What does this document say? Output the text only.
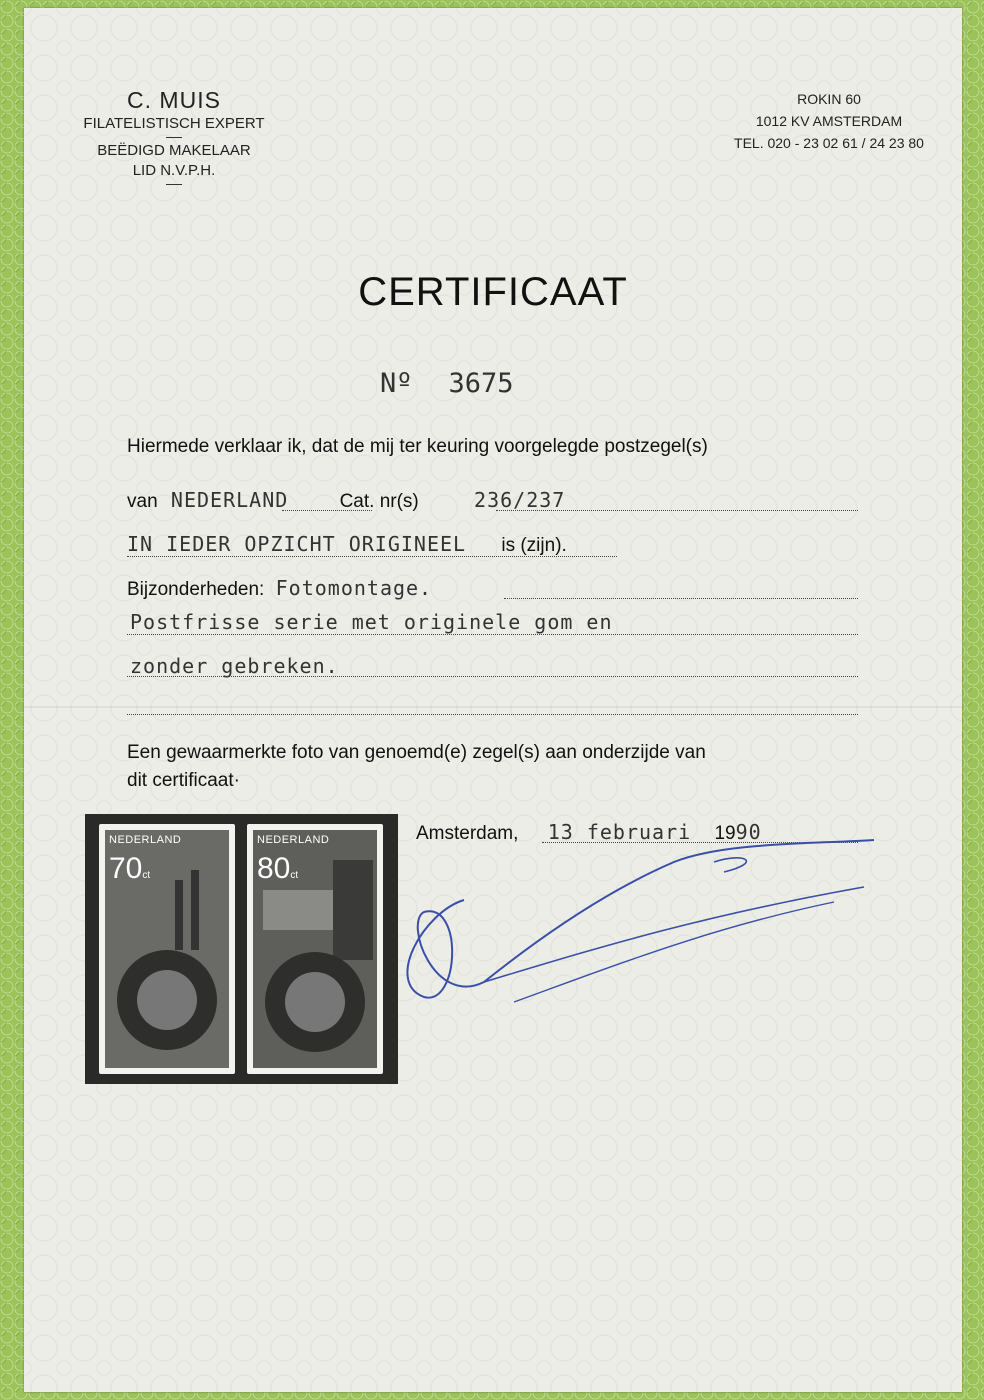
C. MUIS
FILATELISTISCH EXPERT
BEËDIGD MAKELAAR
LID N.V.P.H.
ROKIN 60
1012 KV AMSTERDAM
TEL. 020 - 23 02 61 / 24 23 80
CERTIFICAAT
Nº 3675
Hiermede verklaar ik, dat de mij ter keuring voorgelegde postzegel(s)
van NEDERLAND	Cat. nr(s)	236/237
IN IEDER OPZICHT ORIGINEEL is (zijn).
Bijzonderheden: Fotomontage.
Postfrisse serie met originele gom en
zonder gebreken.
Een gewaarmerkte foto van genoemd(e) zegel(s) aan onderzijde van
dit certificaat·
Amsterdam, 13 februari 1990
NEDERLAND
70ct
NEDERLAND
80ct
